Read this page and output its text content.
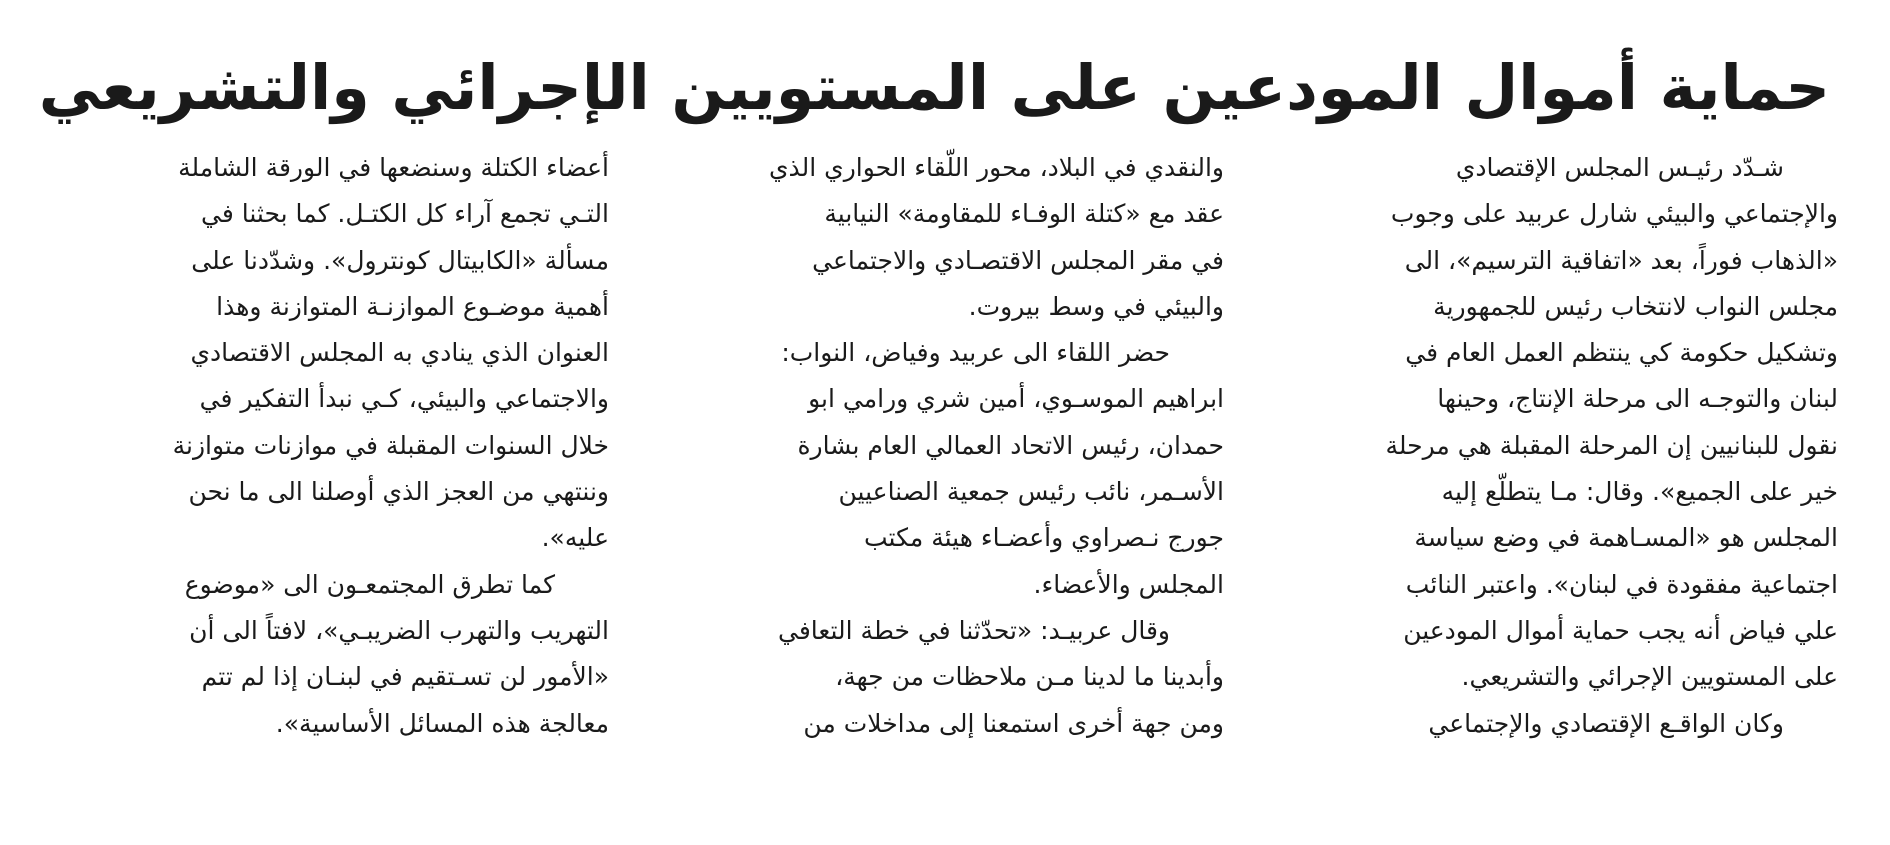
حماية أموال المودعين على المستويين الإجرائي والتشريعي
شـدّد رئيـس المجلس الإقتصادي
والإجتماعي والبيئي شارل عربيد على وجوب
«الذهاب فوراً، بعد «اتفاقية الترسيم»، الى
مجلس النواب لانتخاب رئيس للجمهورية
وتشكيل حكومة كي ينتظم العمل العام في
لبنان والتوجـه الى مرحلة الإنتاج، وحينها
نقول للبنانيين إن المرحلة المقبلة هي مرحلة
خير على الجميع». وقال: مـا يتطلّع إليه
المجلس هو «المسـاهمة في وضع سياسة
اجتماعية مفقودة في لبنان». واعتبر النائب
علي فياض أنه يجب حماية أموال المودعين
على المستويين الإجرائي والتشريعي.
وكان الواقـع الإقتصادي والإجتماعي
والنقدي في البلاد، محور اللّقاء الحواري الذي
عقد مع «كتلة الوفـاء للمقاومة» النيابية
في مقر المجلس الاقتصـادي والاجتماعي
والبيئي في وسط بيروت.
حضر اللقاء الى عربيد وفياض، النواب:
ابراهيم الموسـوي، أمين شري ورامي ابو
حمدان، رئيس الاتحاد العمالي العام بشارة
الأسـمر، نائب رئيس جمعية الصناعيين
جورج نـصراوي وأعضـاء هيئة مكتب
المجلس والأعضاء.
وقال عربيـد: «تحدّثنا في خطة التعافي
وأبدينا ما لدينا مـن ملاحظات من جهة،
ومن جهة أخرى استمعنا إلى مداخلات من
أعضاء الكتلة وسنضعها في الورقة الشاملة
التـي تجمع آراء كل الكتـل. كما بحثنا في
مسألة «الكابيتال كونترول». وشدّدنا على
أهمية موضـوع الموازنـة المتوازنة وهذا
العنوان الذي ينادي به المجلس الاقتصادي
والاجتماعي والبيئي، كـي نبدأ التفكير في
خلال السنوات المقبلة في موازنات متوازنة
وننتهي من العجز الذي أوصلنا الى ما نحن
عليه».
كما تطرق المجتمعـون الى «موضوع
التهريب والتهرب الضريبـي»، لافتاً الى أن
«الأمور لن تسـتقيم في لبنـان إذا لم تتم
معالجة هذه المسائل الأساسية».
